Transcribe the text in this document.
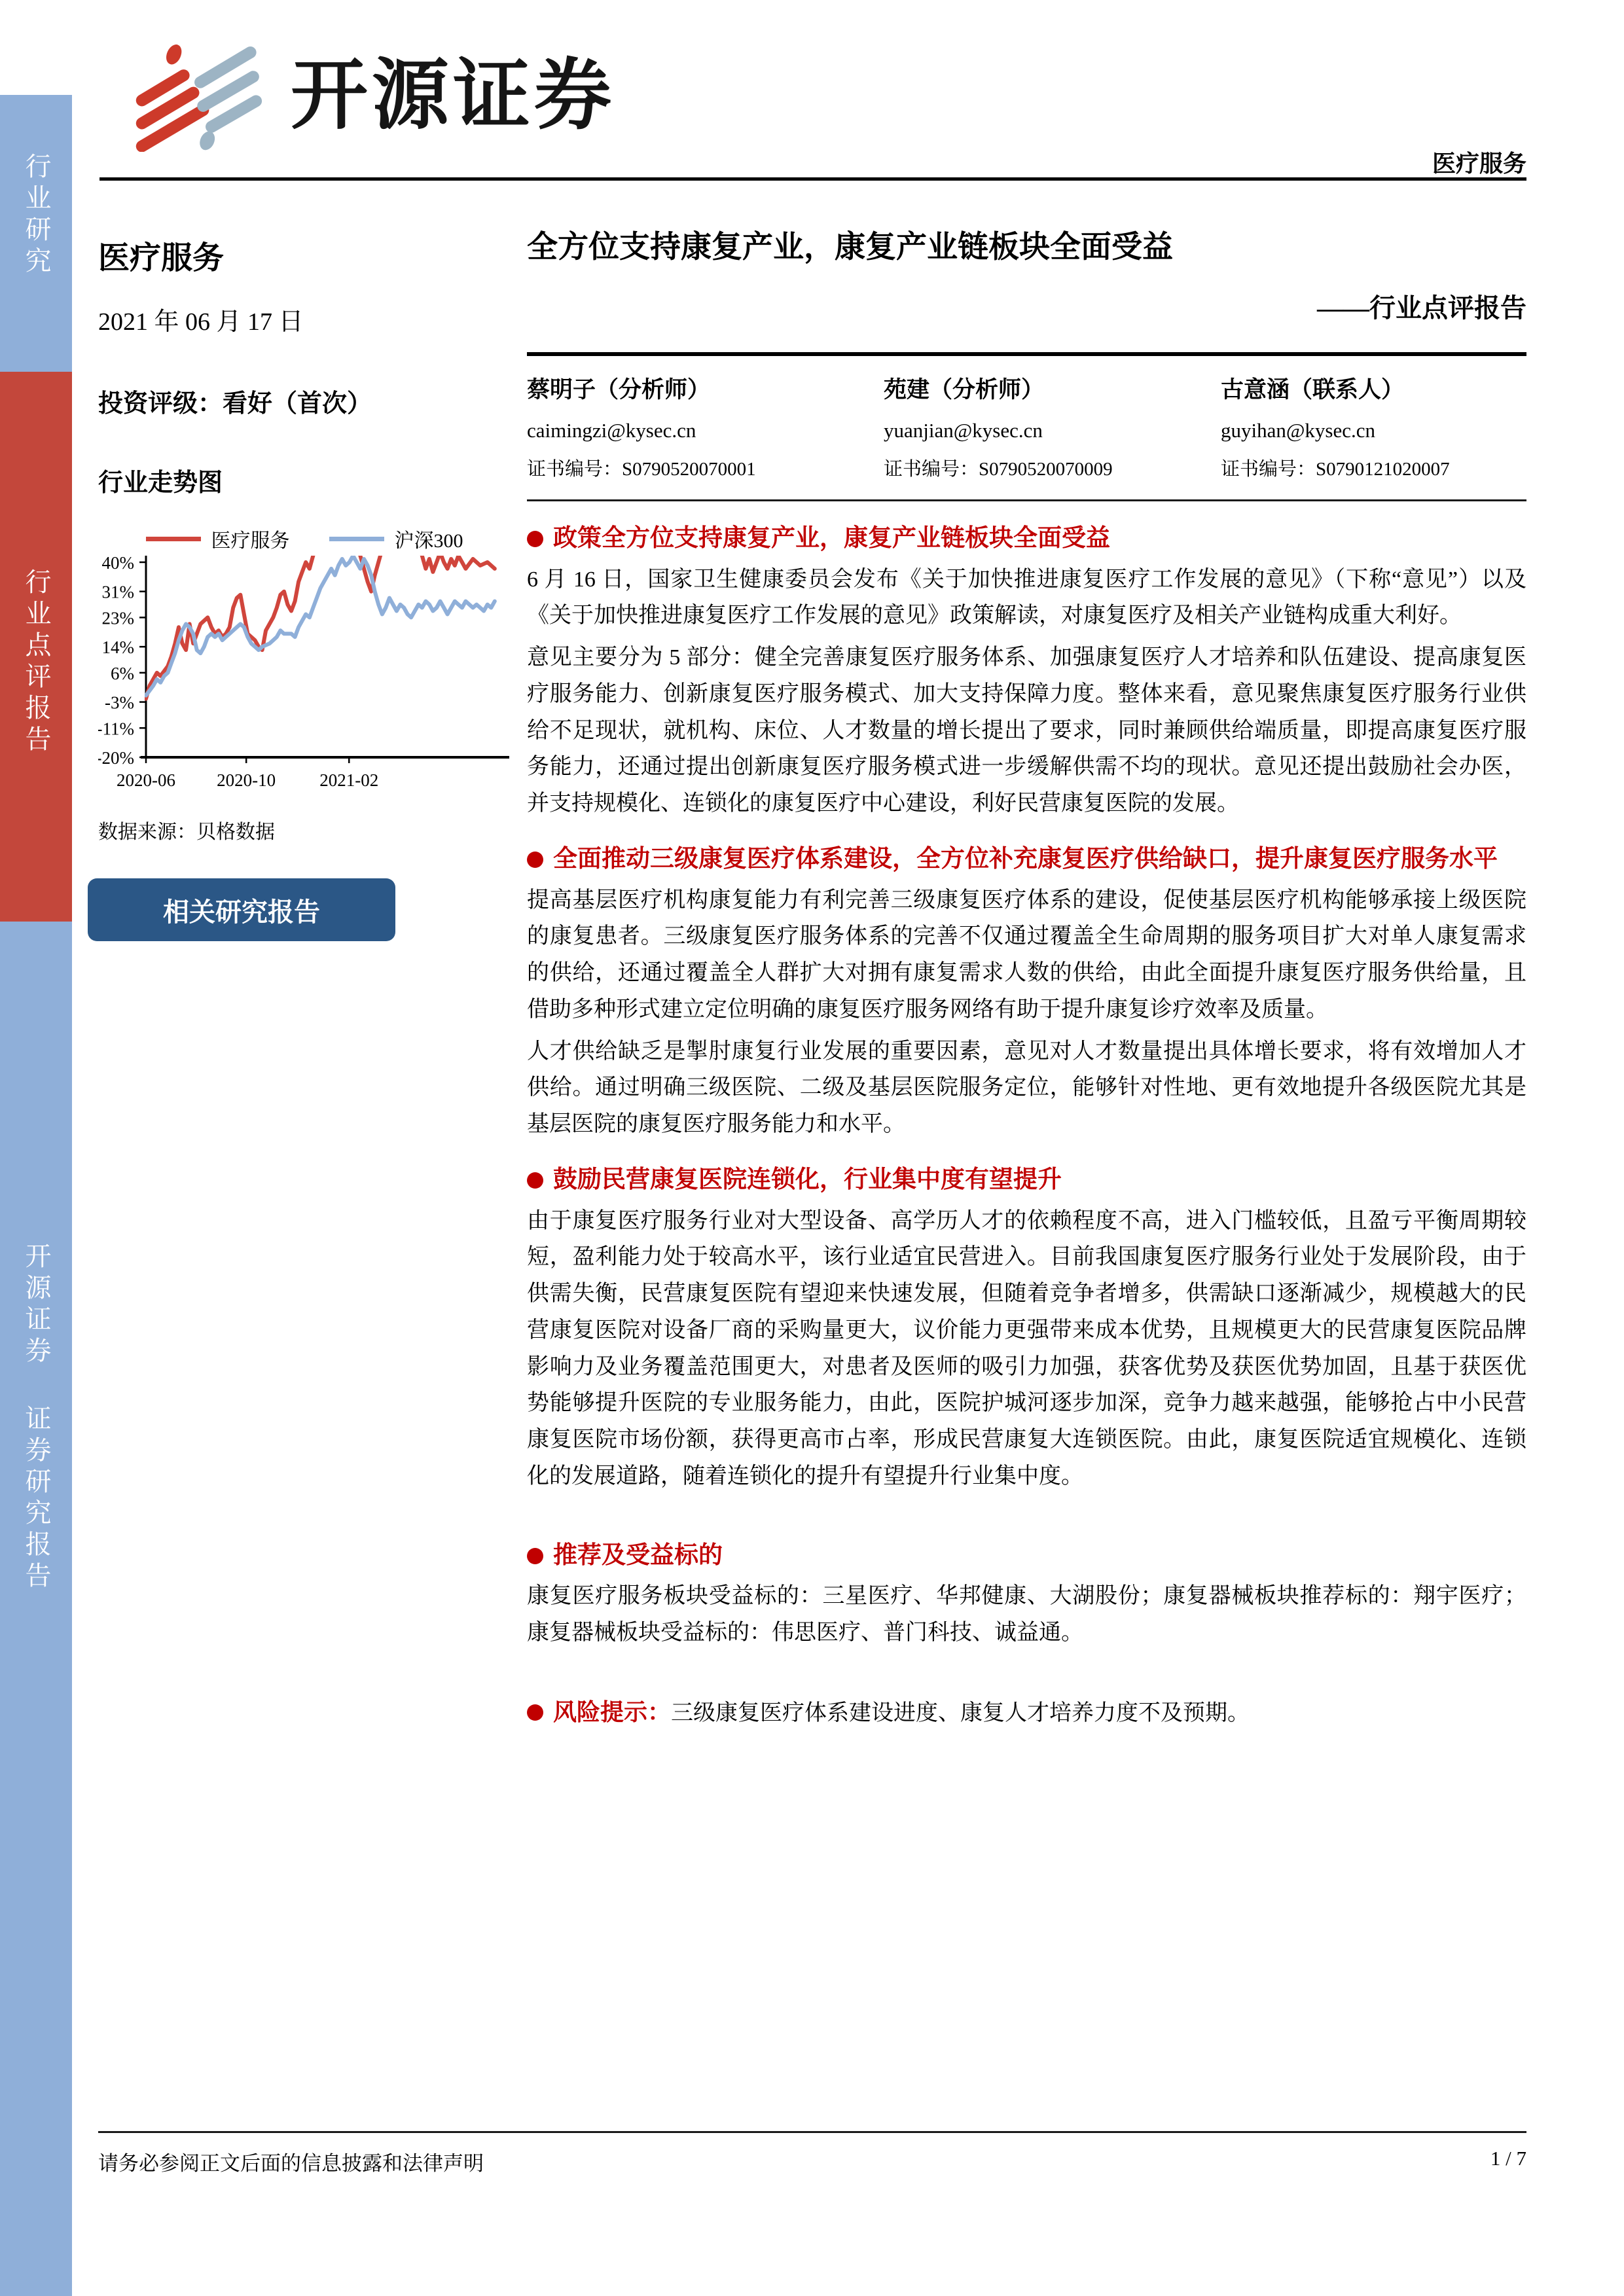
行业研究
行业点评报告
开源证券
证券研究报告
开源证券
医疗服务
医疗服务
2021 年 06 月 17 日
投资评级：看好（首次）
行业走势图
医疗服务	沪深300
40%
31%
23%
14%
6%
-3%
-11%
-20%
2020-06 2020-10 2021-02
数据来源：贝格数据
相关研究报告
全方位支持康复产业，康复产业链板块全面受益
——行业点评报告
蔡明子（分析师）
caimingzi@kysec.cn
证书编号：S0790520070001
苑建（分析师）
yuanjian@kysec.cn
证书编号：S0790520070009
古意涵（联系人）
guyihan@kysec.cn
证书编号：S0790121020007
政策全方位支持康复产业，康复产业链板块全面受益

6 月 16 日，国家卫生健康委员会发布《关于加快推进康复医疗工作发展的意见》（下称“意见”）以及《关于加快推进康复医疗工作发展的意见》政策解读，对康复医疗及相关产业链构成重大利好。

意见主要分为 5 部分：健全完善康复医疗服务体系、加强康复医疗人才培养和队伍建设、提高康复医疗服务能力、创新康复医疗服务模式、加大支持保障力度。整体来看，意见聚焦康复医疗服务行业供给不足现状，就机构、床位、人才数量的增长提出了要求，同时兼顾供给端质量，即提高康复医疗服务能力，还通过提出创新康复医疗服务模式进一步缓解供需不均的现状。意见还提出鼓励社会办医，并支持规模化、连锁化的康复医疗中心建设，利好民营康复医院的发展。

全面推动三级康复医疗体系建设，全方位补充康复医疗供给缺口，提升康复医疗服务水平

提高基层医疗机构康复能力有利完善三级康复医疗体系的建设，促使基层医疗机构能够承接上级医院的康复患者。三级康复医疗服务体系的完善不仅通过覆盖全生命周期的服务项目扩大对单人康复需求的供给，还通过覆盖全人群扩大对拥有康复需求人数的供给，由此全面提升康复医疗服务供给量，且借助多种形式建立定位明确的康复医疗服务网络有助于提升康复诊疗效率及质量。

人才供给缺乏是掣肘康复行业发展的重要因素，意见对人才数量提出具体增长要求，将有效增加人才供给。通过明确三级医院、二级及基层医院服务定位，能够针对性地、更有效地提升各级医院尤其是基层医院的康复医疗服务能力和水平。

鼓励民营康复医院连锁化，行业集中度有望提升

由于康复医疗服务行业对大型设备、高学历人才的依赖程度不高，进入门槛较低，且盈亏平衡周期较短，盈利能力处于较高水平，该行业适宜民营进入。目前我国康复医疗服务行业处于发展阶段，由于供需失衡，民营康复医院有望迎来快速发展，但随着竞争者增多，供需缺口逐渐减少，规模越大的民营康复医院对设备厂商的采购量更大，议价能力更强带来成本优势，且规模更大的民营康复医院品牌影响力及业务覆盖范围更大，对患者及医师的吸引力加强，获客优势及获医优势加固，且基于获医优势能够提升医院的专业服务能力，由此，医院护城河逐步加深，竞争力越来越强，能够抢占中小民营康复医院市场份额，获得更高市占率，形成民营康复大连锁医院。由此，康复医院适宜规模化、连锁化的发展道路，随着连锁化的提升有望提升行业集中度。

推荐及受益标的

康复医疗服务板块受益标的：三星医疗、华邦健康、大湖股份；康复器械板块推荐标的：翔宇医疗；康复器械板块受益标的：伟思医疗、普门科技、诚益通。

风险提示：三级康复医疗体系建设进度、康复人才培养力度不及预期。
请务必参阅正文后面的信息披露和法律声明	1 / 7
